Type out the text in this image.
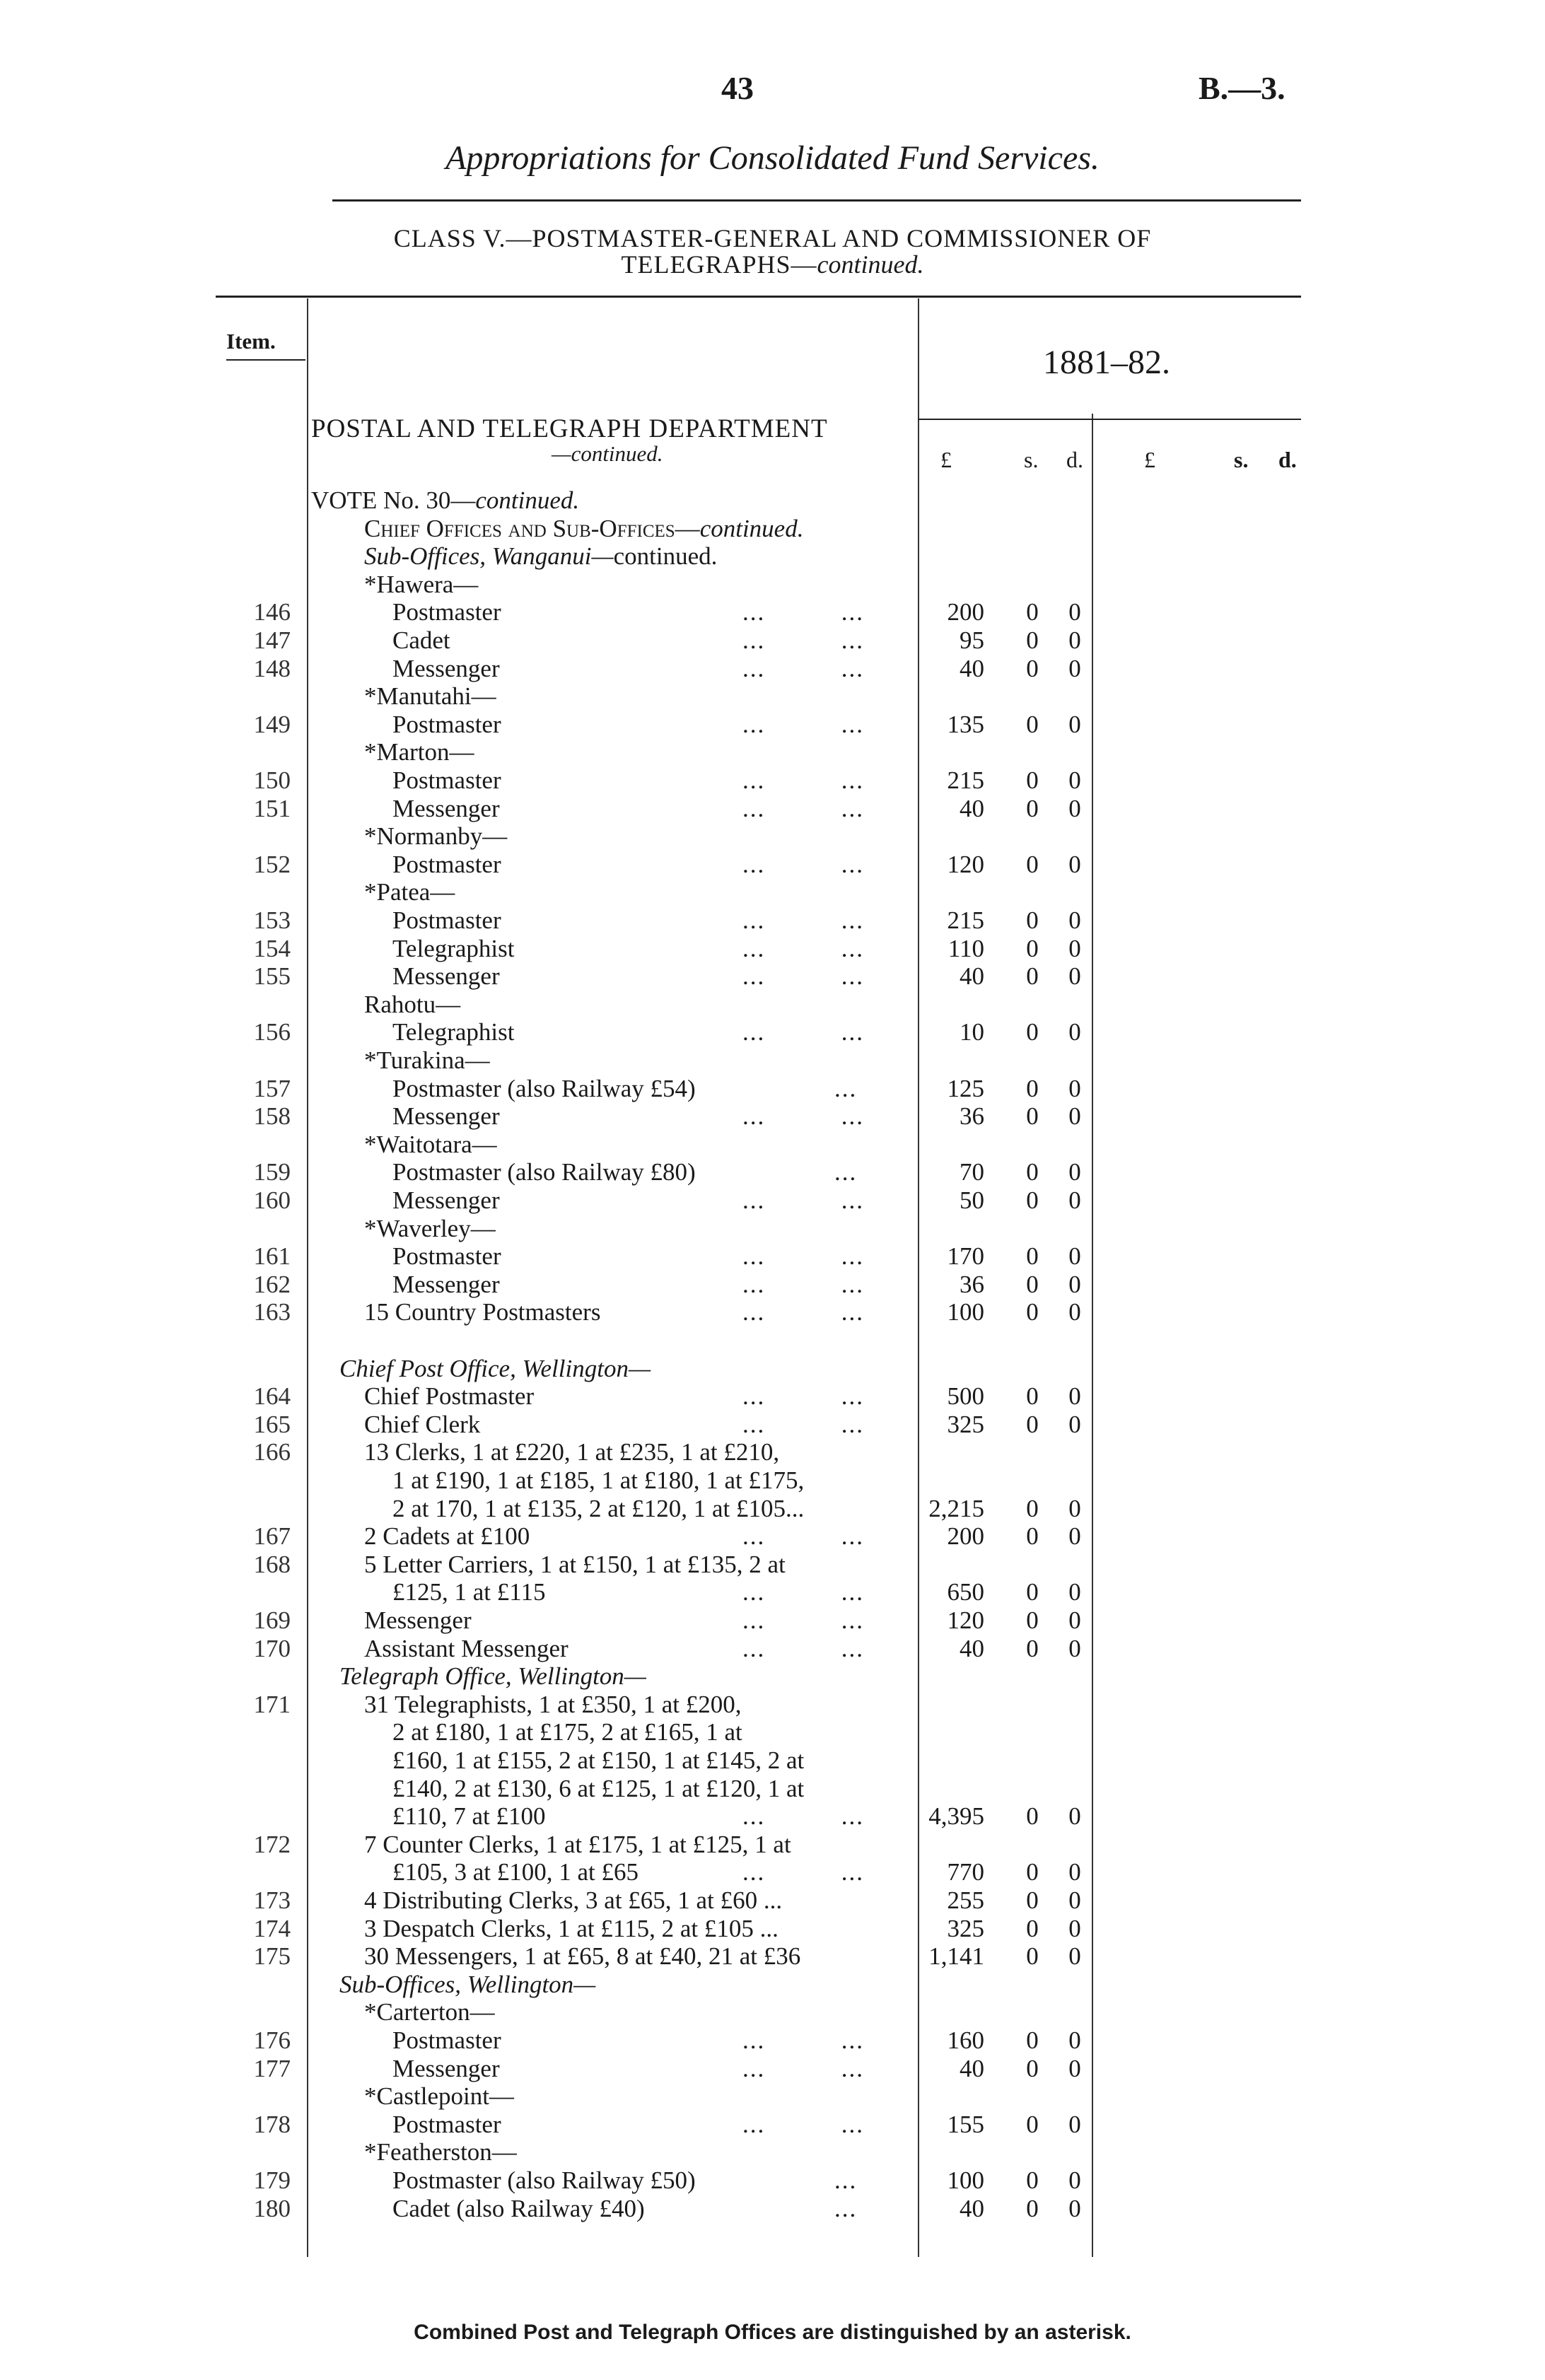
43	B.—3.
Appropriations for Consolidated Fund Services.
CLASS V.—POSTMASTER-GENERAL AND COMMISSIONER OF
TELEGRAPHS—continued.
Item.
1881–82.
POSTAL AND TELEGRAPH DEPARTMENT
—continued.	£	s. d.	£	s. d.
VOTE No. 30—continued.
Chief Offices and Sub-Offices—continued.
Sub-Offices, Wanganui—continued.
*Hawera—
146	Postmaster	...          ...	200 0 0
147	Cadet	...          ...	95 0 0
148	Messenger	...          ...	40 0 0
*Manutahi—
149	Postmaster	...          ...	135 0 0
*Marton—
150	Postmaster	...          ...	215 0 0
151	Messenger	...          ...	40 0 0
*Normanby—
152	Postmaster	...          ...	120 0 0
*Patea—
153	Postmaster	...          ...	215 0 0
154	Telegraphist	...          ...	110 0 0
155	Messenger	...          ...	40 0 0
Rahotu—
156	Telegraphist	...          ...	10 0 0
*Turakina—
157	Postmaster (also Railway £54)	...	125 0 0
158	Messenger	...          ...	36 0 0
*Waitotara—
159	Postmaster (also Railway £80)	...	70 0 0
160	Messenger	...          ...	50 0 0
*Waverley—
161	Postmaster	...          ...	170 0 0
162	Messenger	...          ...	36 0 0
163	15 Country Postmasters	...          ...	100 0 0
Chief Post Office, Wellington—
164	Chief Postmaster	...          ...	500 0 0
165	Chief Clerk	...          ...	325 0 0
166	13 Clerks, 1 at £220, 1 at £235, 1 at £210,
1 at £190, 1 at £185, 1 at £180, 1 at £175,
2 at 170, 1 at £135, 2 at £120, 1 at £105...	2,215 0 0
167	2 Cadets at £100	...          ...	200 0 0
168	5 Letter Carriers, 1 at £150, 1 at £135, 2 at
£125, 1 at £115	...          ...	650 0 0
169	Messenger	...          ...	120 0 0
170	Assistant Messenger	...          ...	40 0 0
Telegraph Office, Wellington—
171	31 Telegraphists, 1 at £350, 1 at £200,
2 at £180, 1 at £175, 2 at £165, 1 at
£160, 1 at £155, 2 at £150, 1 at £145, 2 at
£140, 2 at £130, 6 at £125, 1 at £120, 1 at
£110, 7 at £100	...          ...	4,395 0 0
172	7 Counter Clerks, 1 at £175, 1 at £125, 1 at
£105, 3 at £100, 1 at £65	...          ...	770 0 0
173	4 Distributing Clerks, 3 at £65, 1 at £60 ...	255 0 0
174	3 Despatch Clerks, 1 at £115, 2 at £105 ...	325 0 0
175	30 Messengers, 1 at £65, 8 at £40, 21 at £36	1,141 0 0
Sub-Offices, Wellington—
*Carterton—
176	Postmaster	...          ...	160 0 0
177	Messenger	...          ...	40 0 0
*Castlepoint—
178	Postmaster	...          ...	155 0 0
*Featherston—
179	Postmaster (also Railway £50)	...	100 0 0
180	Cadet (also Railway £40)	...	40 0 0
Combined Post and Telegraph Offices are distinguished by an asterisk.
